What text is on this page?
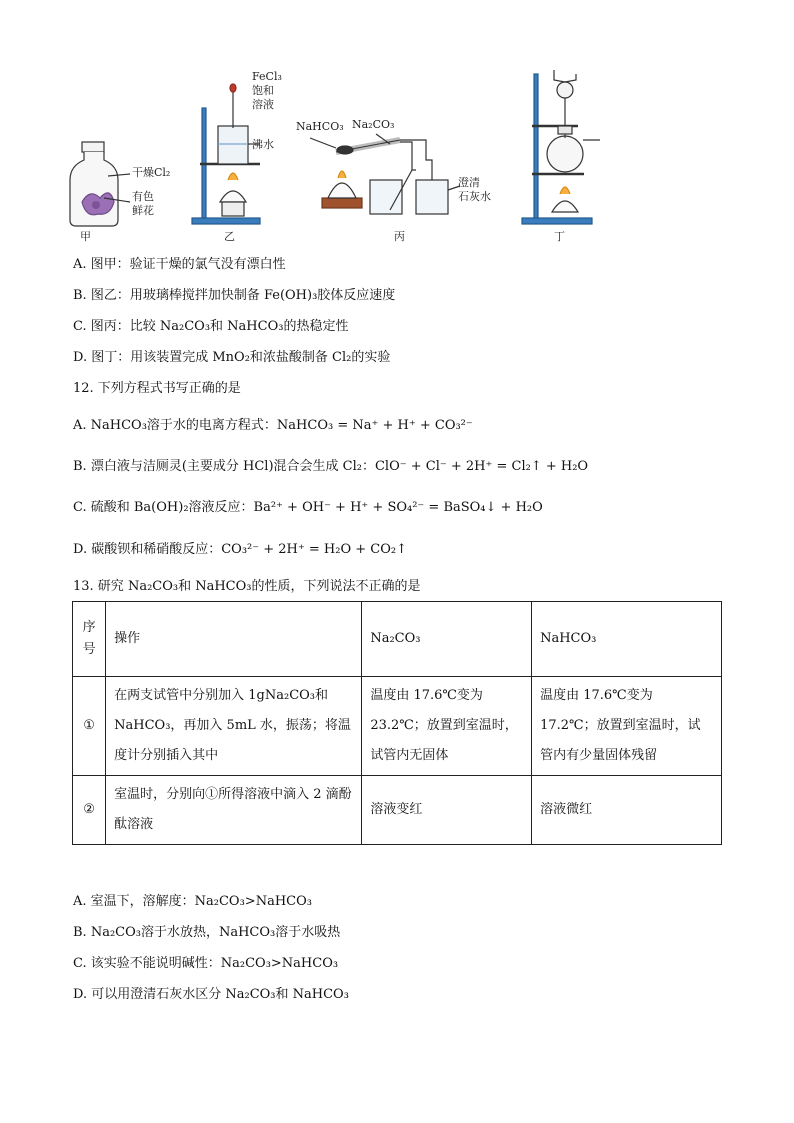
甲	乙	丙	丁
干燥Cl₂
有色
鲜花
FeCl₃
饱和
溶液
沸水
NaHCO₃ Na₂CO₃
澄清
石灰水
A. 图甲：验证干燥的氯气没有漂白性
B. 图乙：用玻璃棒搅拌加快制备 Fe(OH)₃胶体反应速度
C. 图丙：比较 Na₂CO₃和 NaHCO₃的热稳定性
D. 图丁：用该装置完成 MnO₂和浓盐酸制备 Cl₂的实验
12. 下列方程式书写正确的是
A. NaHCO₃溶于水的电离方程式：NaHCO₃ = Na⁺ + H⁺ + CO₃²⁻
B. 漂白液与洁厕灵(主要成分 HCl)混合会生成 Cl₂：ClO⁻ + Cl⁻ + 2H⁺ = Cl₂↑ + H₂O
C. 硫酸和 Ba(OH)₂溶液反应：Ba²⁺ + OH⁻ + H⁺ + SO₄²⁻ = BaSO₄↓ + H₂O
D. 碳酸钡和稀硝酸反应：CO₃²⁻ + 2H⁺ = H₂O + CO₂↑
13. 研究 Na₂CO₃和 NaHCO₃的性质，下列说法不正确的是
序号	操作	Na₂CO₃	NaHCO₃
①	在两支试管中分别加入 1gNa₂CO₃和 NaHCO₃，再加入 5mL 水，振荡；将温度计分别插入其中	温度由 17.6℃变为 23.2℃；放置到室温时，试管内无固体	温度由 17.6℃变为 17.2℃；放置到室温时，试管内有少量固体残留
②	室温时，分别向①所得溶液中滴入 2 滴酚酞溶液	溶液变红	溶液微红
A. 室温下，溶解度：Na₂CO₃>NaHCO₃
B. Na₂CO₃溶于水放热，NaHCO₃溶于水吸热
C. 该实验不能说明碱性：Na₂CO₃>NaHCO₃
D. 可以用澄清石灰水区分 Na₂CO₃和 NaHCO₃
